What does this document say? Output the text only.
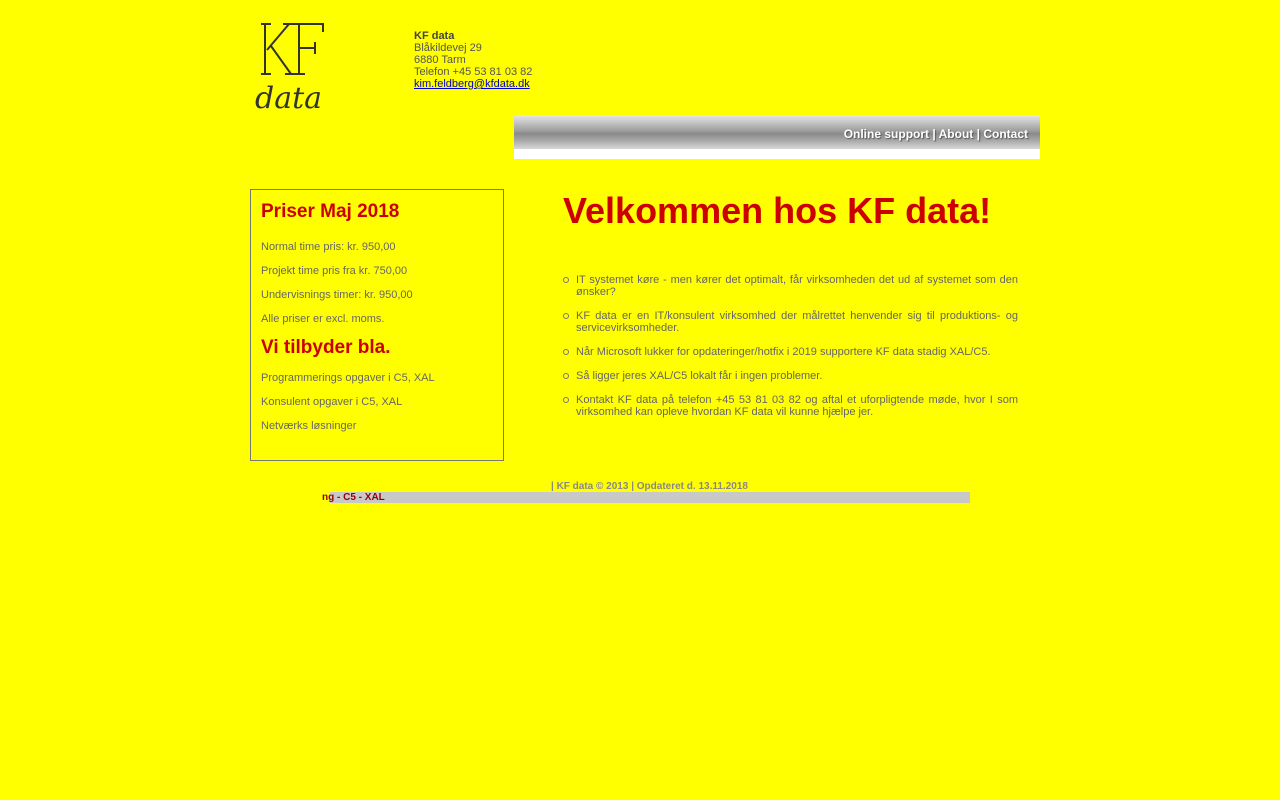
data
KF data
Blåkildevej 29
6880 Tarm
Telefon +45 53 81 03 82
kim.feldberg@kfdata.dk
Online support | About | Contact
Priser Maj 2018
Normal time pris: kr. 950,00
Projekt time pris fra kr. 750,00
Undervisnings timer: kr. 950,00
Alle priser er excl. moms.
Vi tilbyder bla.
Programmerings opgaver i C5, XAL
Konsulent opgaver i C5, XAL
Netværks løsninger
Velkommen hos KF data!
IT systemet køre - men kører det optimalt, får virksomheden det ud af systemet som den ønsker?
KF data er en IT/konsulent virksomhed der målrettet henvender sig til produktions- og servicevirksomheder.
Når Microsoft lukker for opdateringer/hotfix i 2019 supportere KF data stadig XAL/C5.
Så ligger jeres XAL/C5 lokalt får i ingen problemer.
Kontakt KF data på telefon +45 53 81 03 82 og aftal et uforpligtende møde, hvor I som virksomhed kan opleve hvordan KF data vil kunne hjælpe jer.
| KF data © 2013 | Opdateret d. 13.11.2018
ng - C5 - XAL
